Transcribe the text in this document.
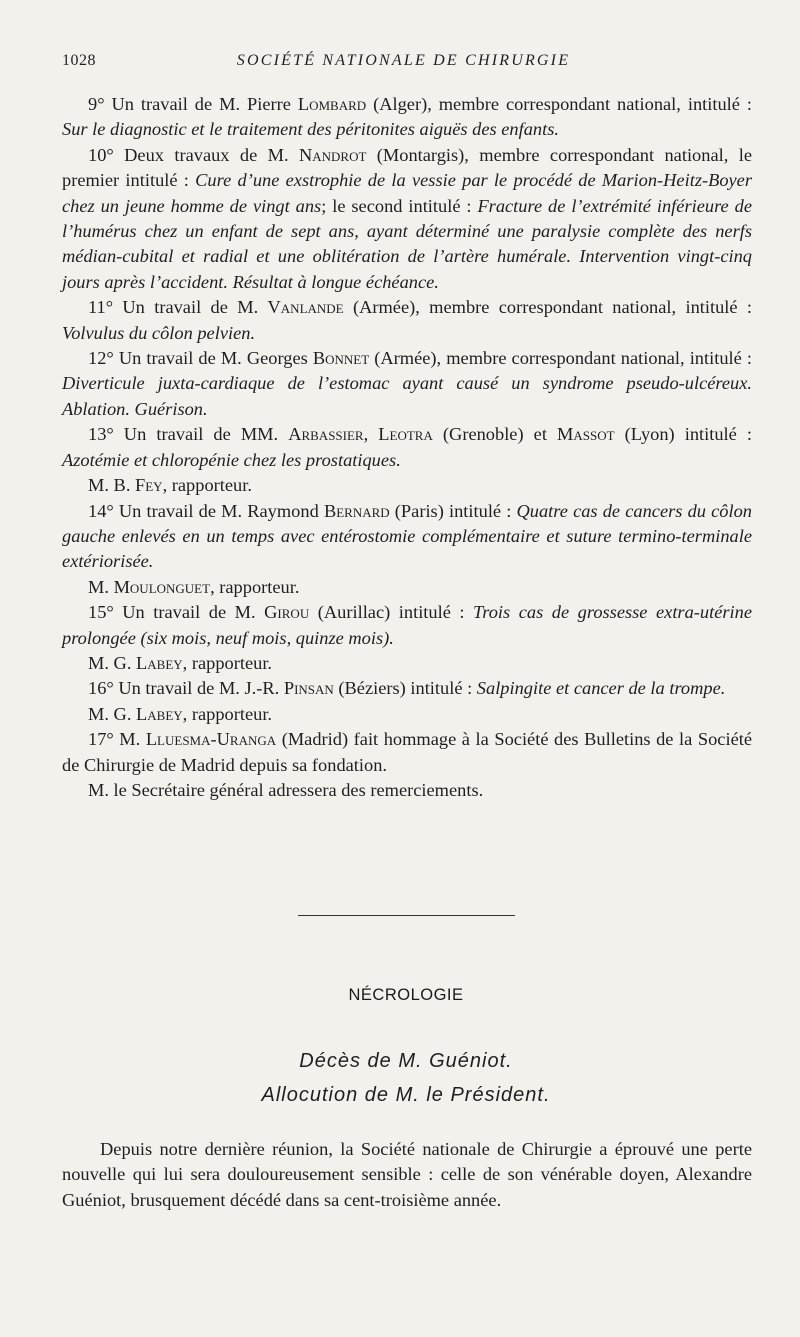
1028	SOCIÉTÉ NATIONALE DE CHIRURGIE

9° Un travail de M. Pierre Lombard (Alger), membre correspondant national, intitulé : Sur le diagnostic et le traitement des péritonites aiguës des enfants.

10° Deux travaux de M. Nandrot (Montargis), membre correspondant national, le premier intitulé : Cure d’une exstrophie de la vessie par le procédé de Marion-Heitz-Boyer chez un jeune homme de vingt ans; le second intitulé : Fracture de l’extrémité inférieure de l’humérus chez un enfant de sept ans, ayant déterminé une paralysie complète des nerfs médian-cubital et radial et une oblitération de l’artère humérale. Intervention vingt-cinq jours après l’accident. Résultat à longue échéance.

11° Un travail de M. Vanlande (Armée), membre correspondant national, intitulé : Volvulus du côlon pelvien.

12° Un travail de M. Georges Bonnet (Armée), membre correspondant national, intitulé : Diverticule juxta-cardiaque de l’estomac ayant causé un syndrome pseudo-ulcéreux. Ablation. Guérison.

13° Un travail de MM. Arbassier, Leotra (Grenoble) et Massot (Lyon) intitulé : Azotémie et chloropénie chez les prostatiques.

M. B. Fey, rapporteur.

14° Un travail de M. Raymond Bernard (Paris) intitulé : Quatre cas de cancers du côlon gauche enlevés en un temps avec entérostomie complémentaire et suture termino-terminale extériorisée.

M. Moulonguet, rapporteur.

15° Un travail de M. Girou (Aurillac) intitulé : Trois cas de grossesse extra-utérine prolongée (six mois, neuf mois, quinze mois).

M. G. Labey, rapporteur.

16° Un travail de M. J.-R. Pinsan (Béziers) intitulé : Salpingite et cancer de la trompe.

M. G. Labey, rapporteur.

17° M. Lluesma-Uranga (Madrid) fait hommage à la Société des Bulletins de la Société de Chirurgie de Madrid depuis sa fondation.

M. le Secrétaire général adressera des remerciements.

NÉCROLOGIE
Décès de M. Guéniot.
Allocution de M. le Président.

Depuis notre dernière réunion, la Société nationale de Chirurgie a éprouvé une perte nouvelle qui lui sera douloureusement sensible : celle de son vénérable doyen, Alexandre Guéniot, brusquement décédé dans sa cent-troisième année.
